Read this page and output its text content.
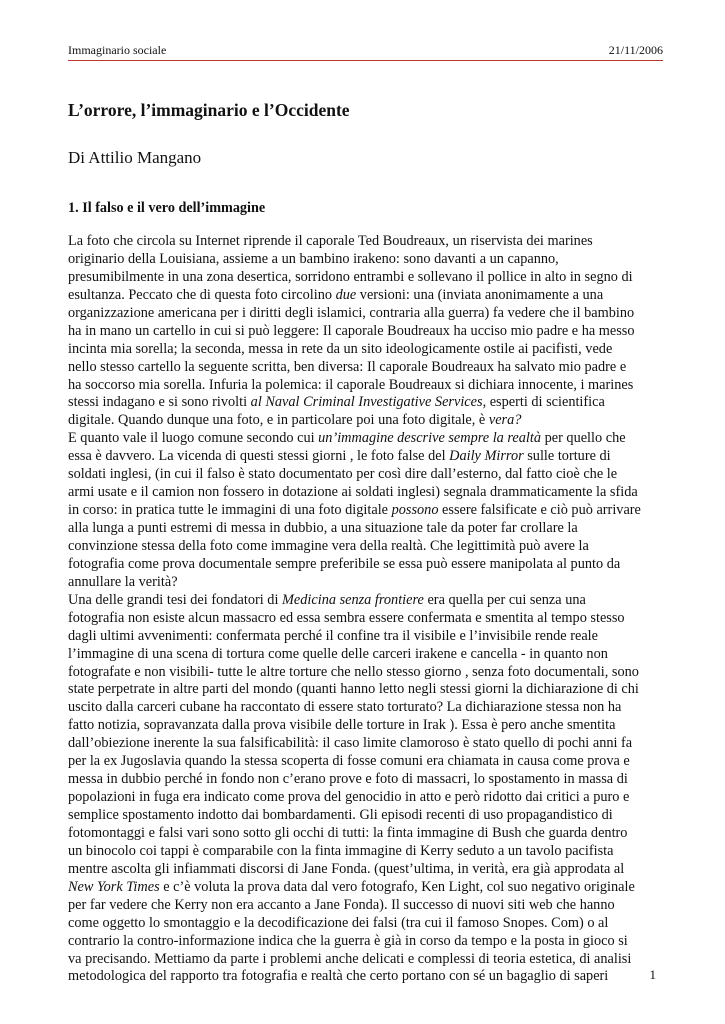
Immaginario sociale	21/11/2006
L’orrore, l’immaginario e l’Occidente
Di Attilio Mangano
1. Il falso e il vero dell’immagine
La foto che circola su Internet riprende il caporale Ted Boudreaux, un riservista dei marines
originario della Louisiana, assieme a un bambino irakeno: sono davanti a un capanno,
presumibilmente in una zona desertica, sorridono entrambi e sollevano il pollice in alto in segno di
esultanza. Peccato che di questa foto circolino due versioni: una (inviata anonimamente a una
organizzazione americana per i diritti degli islamici, contraria alla guerra) fa vedere che il bambino
ha in mano un cartello in cui si può leggere: Il caporale Boudreaux ha ucciso mio padre e ha messo
incinta mia sorella; la seconda, messa in rete da un sito ideologicamente ostile ai pacifisti, vede
nello stesso cartello la seguente scritta, ben diversa: Il caporale Boudreaux ha salvato mio padre e
ha soccorso mia sorella. Infuria la polemica: il caporale Boudreaux si dichiara innocente, i marines
stessi indagano e si sono rivolti al Naval Criminal Investigative Services, esperti di scientifica
digitale. Quando dunque una foto, e in particolare poi una foto digitale, è vera?
E quanto vale il luogo comune secondo cui un’immagine descrive sempre la realtà per quello che
essa è davvero. La vicenda di questi stessi giorni , le foto false del Daily Mirror sulle torture di
soldati inglesi, (in cui il falso è stato documentato per così dire dall’esterno, dal fatto cioè che le
armi usate e il camion non fossero in dotazione ai soldati inglesi) segnala drammaticamente la sfida
in corso: in pratica tutte le immagini di una foto digitale possono essere falsificate e ciò può arrivare
alla lunga a punti estremi di messa in dubbio, a una situazione tale da poter far crollare la
convinzione stessa della foto come immagine vera della realtà. Che legittimità può avere la
fotografia come prova documentale sempre preferibile se essa può essere manipolata al punto da
annullare la verità?
Una delle grandi tesi dei fondatori di Medicina senza frontiere era quella per cui senza una
fotografia non esiste alcun massacro ed essa sembra essere confermata e smentita al tempo stesso
dagli ultimi avvenimenti: confermata perché il confine tra il visibile e l’invisibile rende reale
l’immagine di una scena di tortura come quelle delle carceri irakene e cancella - in quanto non
fotografate e non visibili- tutte le altre torture che nello stesso giorno , senza foto documentali, sono
state perpetrate in altre parti del mondo (quanti hanno letto negli stessi giorni la dichiarazione di chi
uscito dalla carceri cubane ha raccontato di essere stato torturato? La dichiarazione stessa non ha
fatto notizia, sopravanzata dalla prova visibile delle torture in Irak ). Essa è pero anche smentita
dall’obiezione inerente la sua falsificabilità: il caso limite clamoroso è stato quello di pochi anni fa
per la ex Jugoslavia quando la stessa scoperta di fosse comuni era chiamata in causa come prova e
messa in dubbio perché in fondo non c’erano prove e foto di massacri, lo spostamento in massa di
popolazioni in fuga era indicato come prova del genocidio in atto e però ridotto dai critici a puro e
semplice spostamento indotto dai bombardamenti. Gli episodi recenti di uso propagandistico di
fotomontaggi e falsi vari sono sotto gli occhi di tutti: la finta immagine di Bush che guarda dentro
un binocolo coi tappi è comparabile con la finta immagine di Kerry seduto a un tavolo pacifista
mentre ascolta gli infiammati discorsi di Jane Fonda. (quest’ultima, in verità, era già approdata al
New York Times e c’è voluta la prova data dal vero fotografo, Ken Light, col suo negativo originale
per far vedere che Kerry non era accanto a Jane Fonda). Il successo di nuovi siti web che hanno
come oggetto lo smontaggio e la decodificazione dei falsi (tra cui il famoso Snopes. Com) o al
contrario la contro-informazione indica che la guerra è già in corso da tempo e la posta in gioco si
va precisando. Mettiamo da parte i problemi anche delicati e complessi di teoria estetica, di analisi
metodologica del rapporto tra fotografia e realtà che certo portano con sé un bagaglio di saperi	1
